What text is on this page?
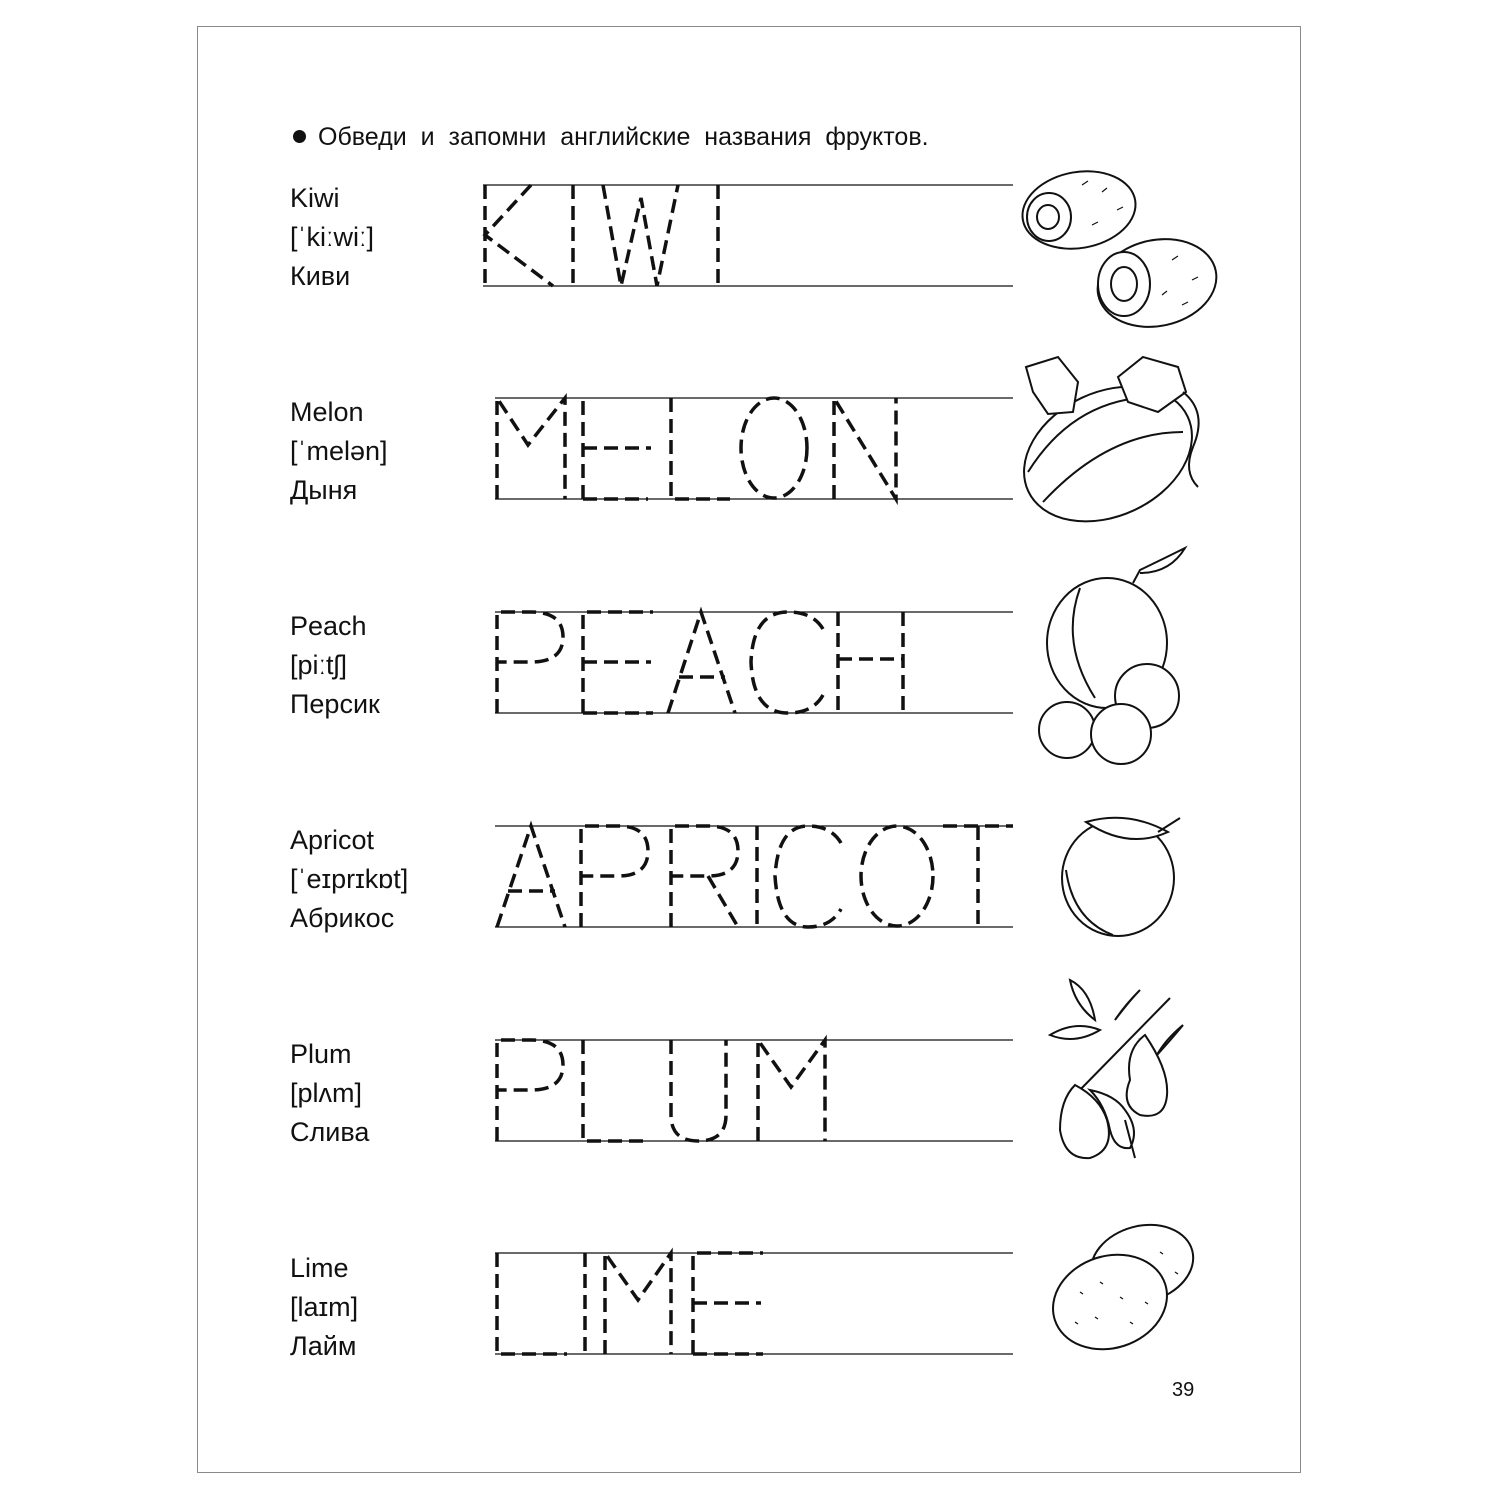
Обведи и запомни английские названия фруктов.
Kiwi
[ˈkiːwiː]
Киви
Melon
[ˈmelən]
Дыня
Peach
[piːtʃ]
Персик
Apricot
[ˈeɪprɪkɒt]
Абрикос
Plum
[plʌm]
Слива
Lime
[laɪm]
Лайм
39
